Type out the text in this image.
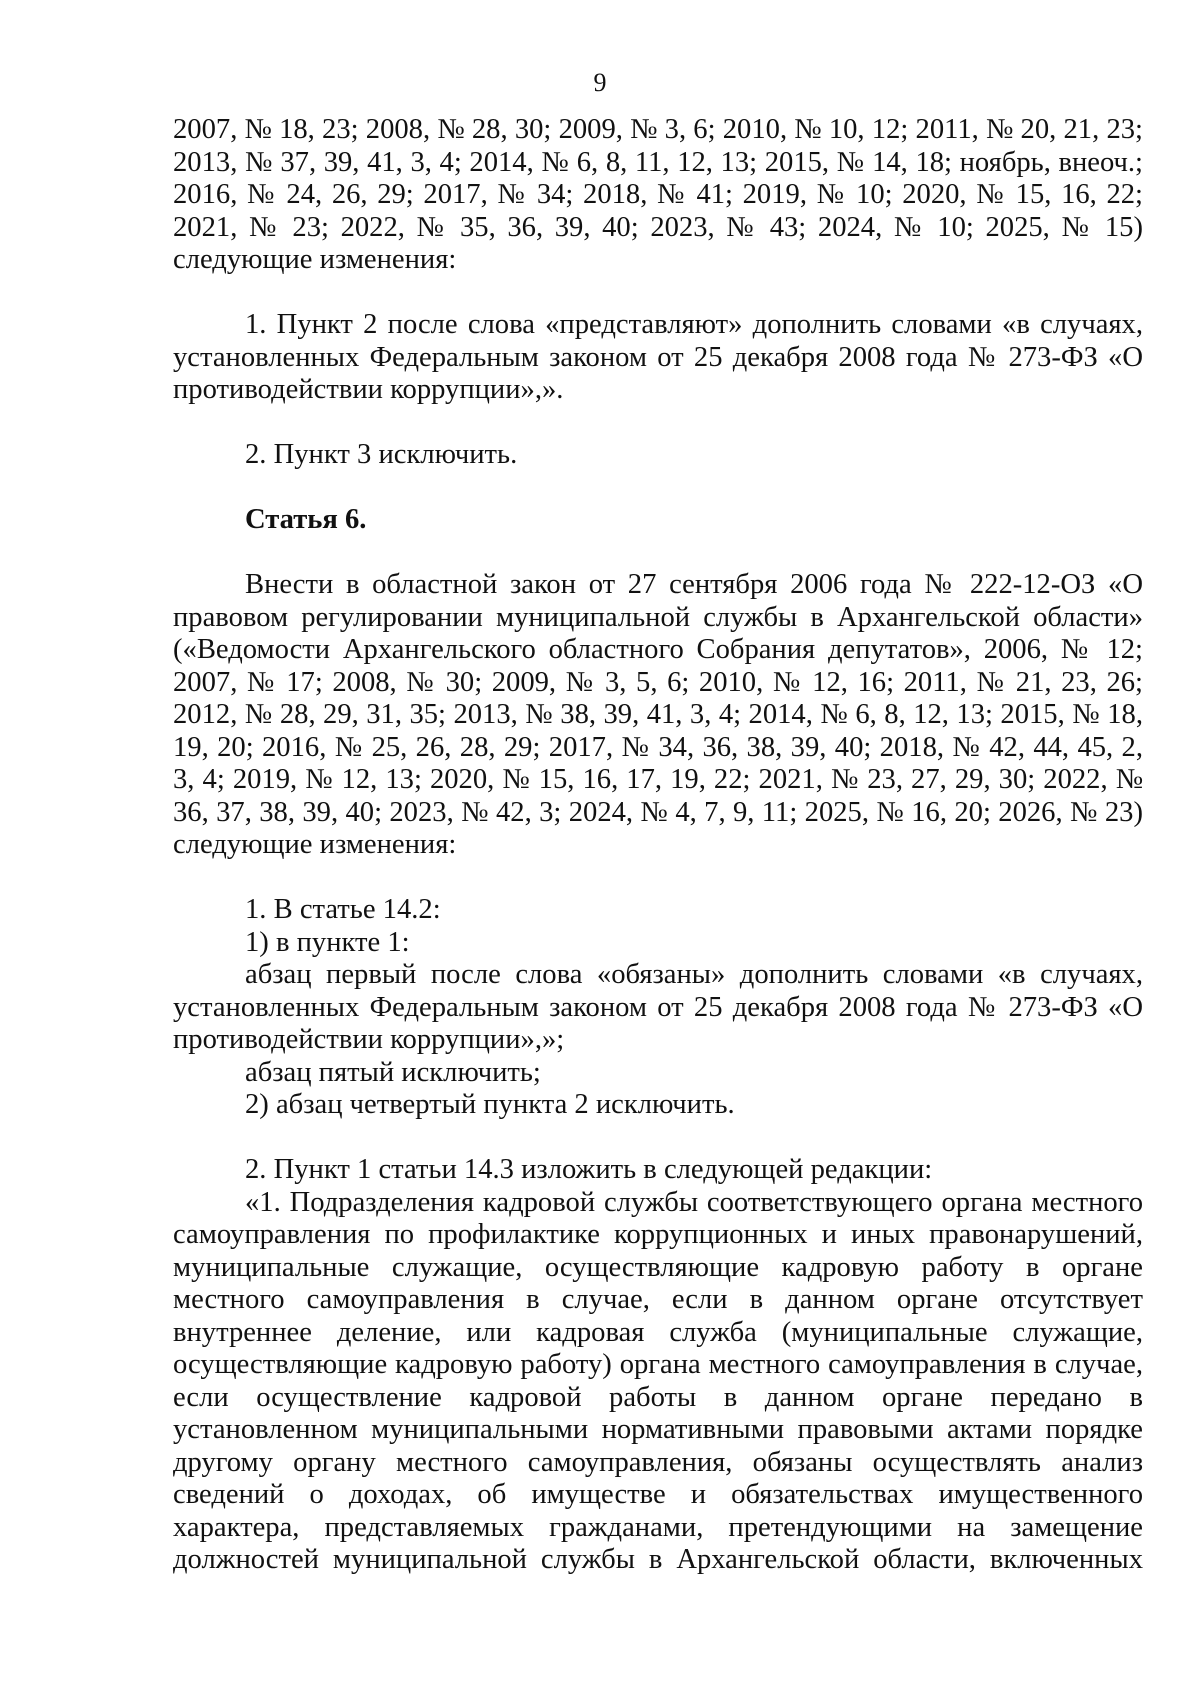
9

2007, № 18, 23; 2008, № 28, 30; 2009, № 3, 6; 2010, № 10, 12; 2011, № 20, 21, 23; 2013, № 37, 39, 41, 3, 4; 2014, № 6, 8, 11, 12, 13; 2015, № 14, 18; ноябрь, внеоч.; 2016, № 24, 26, 29; 2017, № 34; 2018, № 41; 2019, № 10; 2020, № 15, 16, 22; 2021, № 23; 2022, № 35, 36, 39, 40; 2023, № 43; 2024, № 10; 2025, № 15) следующие изменения:

1. Пункт 2 после слова «представляют» дополнить словами «в случаях, установленных Федеральным законом от 25 декабря 2008 года № 273-ФЗ «О противодействии коррупции»,».

2. Пункт 3 исключить.

Статья 6.

Внести в областной закон от 27 сентября 2006 года № 222-12-ОЗ «О правовом регулировании муниципальной службы в Архангельской области» («Ведомости Архангельского областного Собрания депутатов», 2006, № 12; 2007, № 17; 2008, № 30; 2009, № 3, 5, 6; 2010, № 12, 16; 2011, № 21, 23, 26; 2012, № 28, 29, 31, 35; 2013, № 38, 39, 41, 3, 4; 2014, № 6, 8, 12, 13; 2015, № 18, 19, 20; 2016, № 25, 26, 28, 29; 2017, № 34, 36, 38, 39, 40; 2018, № 42, 44, 45, 2, 3, 4; 2019, № 12, 13; 2020, № 15, 16, 17, 19, 22; 2021, № 23, 27, 29, 30; 2022, № 36, 37, 38, 39, 40; 2023, № 42, 3; 2024, № 4, 7, 9, 11; 2025, № 16, 20; 2026, № 23) следующие изменения:

1. В статье 14.2:

1) в пункте 1:

абзац первый после слова «обязаны» дополнить словами «в случаях, установленных Федеральным законом от 25 декабря 2008 года № 273-ФЗ «О противодействии коррупции»,»;

абзац пятый исключить;

2) абзац четвертый пункта 2 исключить.

2. Пункт 1 статьи 14.3 изложить в следующей редакции:

«1. Подразделения кадровой службы соответствующего органа местного самоуправления по профилактике коррупционных и иных правонарушений, муниципальные служащие, осуществляющие кадровую работу в органе местного самоуправления в случае, если в данном органе отсутствует внутреннее деление, или кадровая служба (муниципальные служащие, осуществляющие кадровую работу) органа местного самоуправления в случае, если осуществление кадровой работы в данном органе передано в установленном муниципальными нормативными правовыми актами порядке другому органу местного самоуправления, обязаны осуществлять анализ сведений о доходах, об имуществе и обязательствах имущественного характера, представляемых гражданами, претендующими на замещение должностей муниципальной службы в Архангельской области, включенных
